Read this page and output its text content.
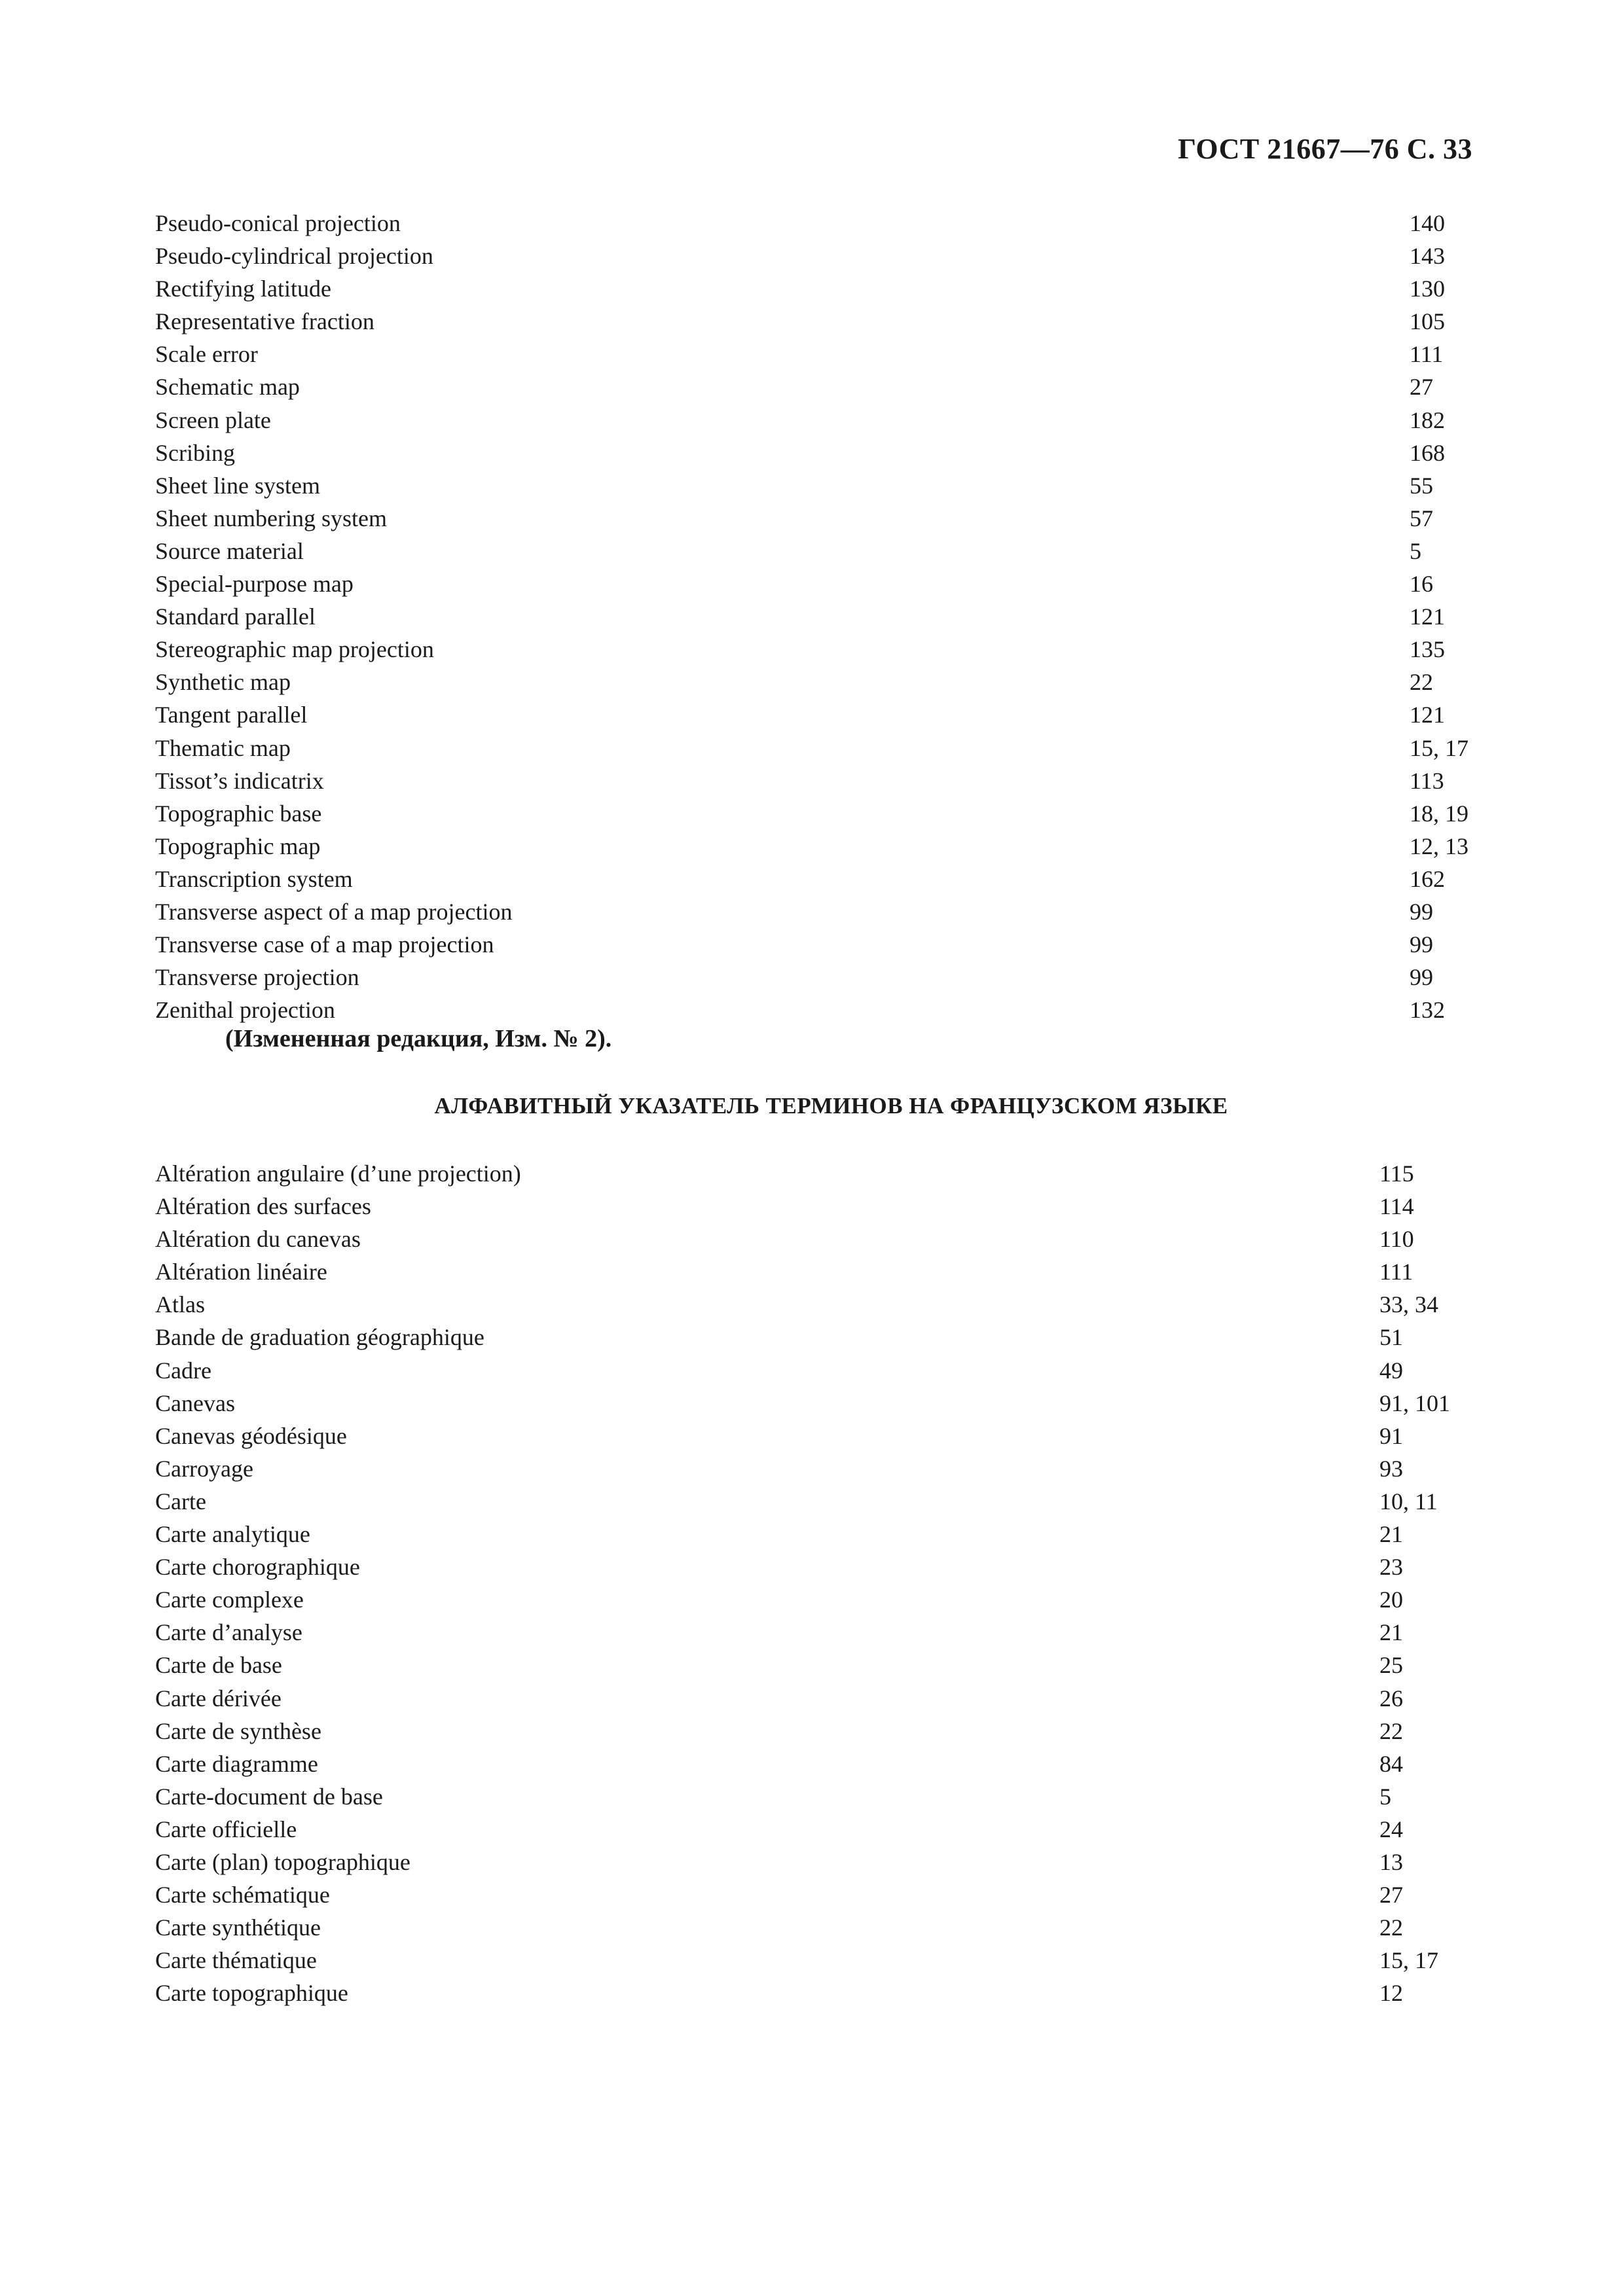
ГОСТ 21667—76 С. 33
Pseudo-conical projection	140
Pseudo-cylindrical projection	143
Rectifying latitude	130
Representative fraction	105
Scale error	111
Schematic map	27
Screen plate	182
Scribing	168
Sheet line system	55
Sheet numbering system	57
Source material	5
Special-purpose map	16
Standard parallel	121
Stereographic map projection	135
Synthetic map	22
Tangent parallel	121
Thematic map	15, 17
Tissot’s indicatrix	113
Topographic base	18, 19
Topographic map	12, 13
Transcription system	162
Transverse aspect of a map projection	99
Transverse case of a map projection	99
Transverse projection	99
Zenithal projection	132
(Измененная редакция, Изм. № 2).
АЛФАВИТНЫЙ УКАЗАТЕЛЬ ТЕРМИНОВ НА ФРАНЦУЗСКОМ ЯЗЫКЕ
Altération angulaire (d’une projection)	115
Altération des surfaces	114
Altération du canevas	110
Altération linéaire	111
Atlas	33, 34
Bande de graduation géographique	51
Cadre	49
Canevas	91, 101
Canevas géodésique	91
Carroyage	93
Carte	10, 11
Carte analytique	21
Carte chorographique	23
Carte complexe	20
Carte d’analyse	21
Carte de base	25
Carte dérivée	26
Carte de synthèse	22
Carte diagramme	84
Carte-document de base	5
Carte officielle	24
Carte (plan) topographique	13
Carte schématique	27
Carte synthétique	22
Carte thématique	15, 17
Carte topographique	12
